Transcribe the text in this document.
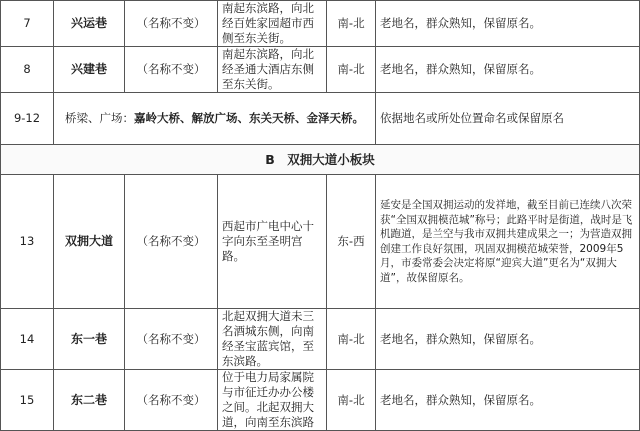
7	兴运巷	（名称不变）	南起东滨路，向北经百姓家园超市西侧至东关街。	南-北	老地名，群众熟知，保留原名。
8	兴建巷	（名称不变）	南起东滨路，向北经圣通大酒店东侧至东关街。	南-北	老地名，群众熟知，保留原名。
9-12	桥梁、广场：嘉岭大桥、解放广场、东关天桥、金泽天桥。				依据地名或所处位置命名或保留原名
B　双拥大道小板块					
13	双拥大道	（名称不变）	西起市广电中心十字向东至圣明宫路。	东-西	延安是全国双拥运动的发祥地，截至目前已连续八次荣获“全国双拥模范城”称号；此路平时是街道，战时是飞机跑道，是兰空与我市双拥共建成果之一；为营造双拥创建工作良好氛围，巩固双拥模范城荣誉，2009年5月，市委常委会决定将原“迎宾大道”更名为“双拥大道”，故保留原名。
14	东一巷	（名称不变）	北起双拥大道未三名酒城东侧，向南经圣宝蓝宾馆，至东滨路。	南-北	老地名，群众熟知，保留原名。
15	东二巷	（名称不变）	位于电力局家属院与市征迁办办公楼之间。北起双拥大道，向南至东滨路	南-北	老地名，群众熟知，保留原名。
